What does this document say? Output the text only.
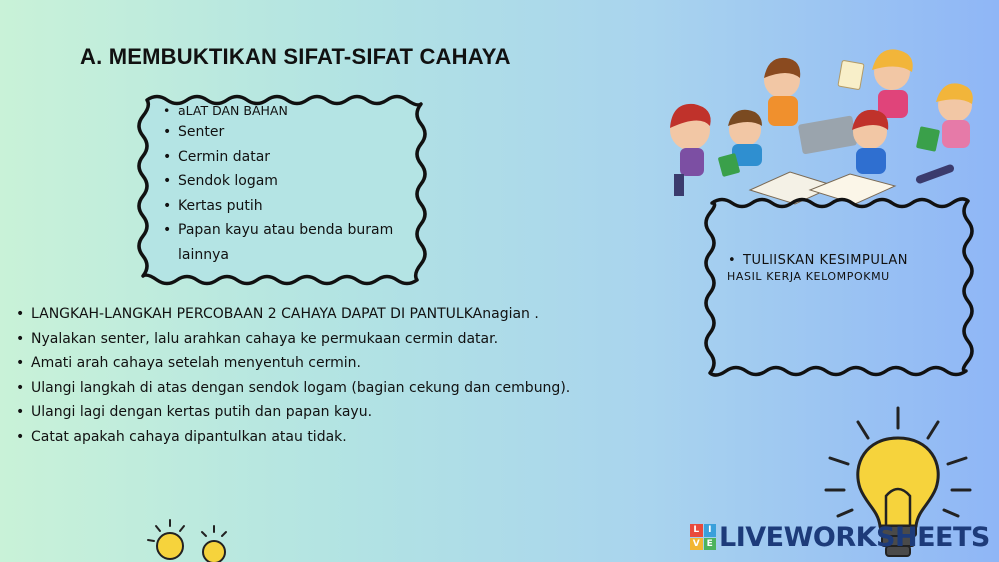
A. MEMBUKTIKAN SIFAT-SIFAT CAHAYA
• aLAT DAN BAHAN
• Senter
• Cermin datar
• Sendok logam
• Kertas putih
• Papan kayu atau benda buram lainnya
• LANGKAH-LANGKAH PERCOBAAN 2 CAHAYA DAPAT DI PANTULKAnagian .
• Nyalakan senter, lalu arahkan cahaya ke permukaan cermin datar.
• Amati arah cahaya setelah menyentuh cermin.
• Ulangi langkah di atas dengan sendok logam (bagian cekung dan cembung).
• Ulangi lagi dengan kertas putih dan papan kayu.
• Catat apakah cahaya dipantulkan atau tidak.
• TULlISKAN KESIMPULAN
HASIL KERJA KELOMPOKMU
L I
V E LIVEWORKSHEETS
